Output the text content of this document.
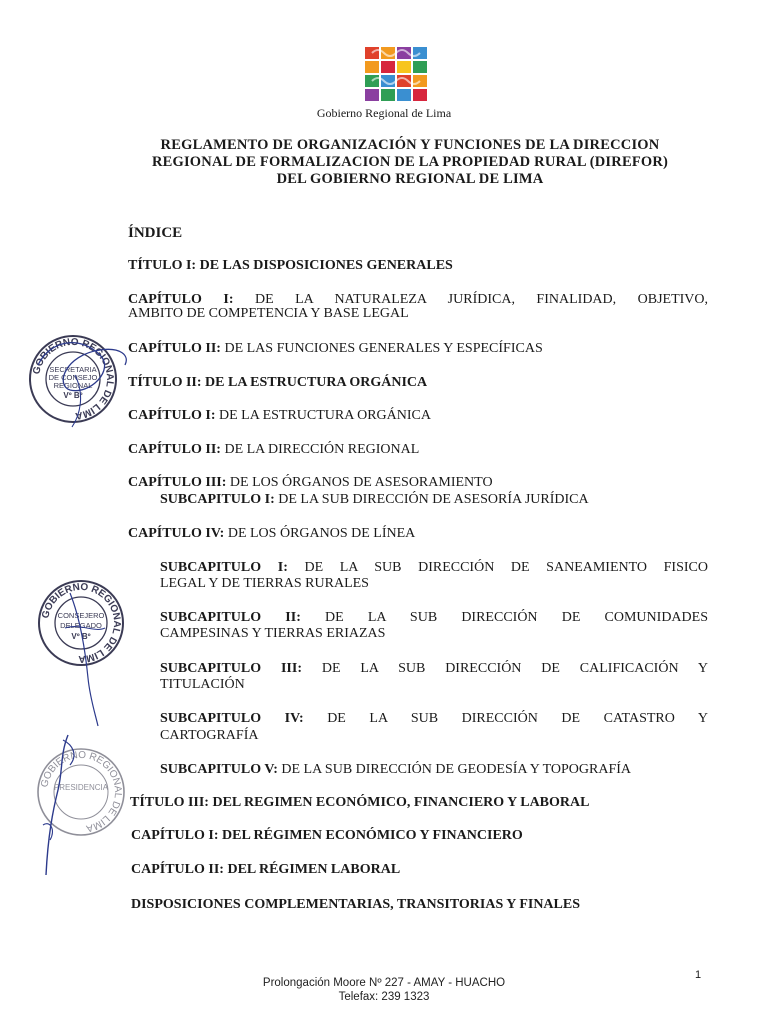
Gobierno Regional de Lima
REGLAMENTO DE ORGANIZACIÓN Y FUNCIONES DE LA DIRECCION
REGIONAL DE FORMALIZACION DE LA PROPIEDAD RURAL (DIREFOR)
DEL GOBIERNO REGIONAL DE LIMA
ÍNDICE
TÍTULO I: DE LAS DISPOSICIONES GENERALES
CAPÍTULO I: DE LA NATURALEZA JURÍDICA, FINALIDAD, OBJETIVO,
AMBITO DE COMPETENCIA Y BASE LEGAL
CAPÍTULO II: DE LAS FUNCIONES GENERALES Y ESPECÍFICAS
TÍTULO II: DE LA ESTRUCTURA ORGÁNICA
CAPÍTULO I: DE LA ESTRUCTURA ORGÁNICA
CAPÍTULO II: DE LA DIRECCIÓN REGIONAL
CAPÍTULO III: DE LOS ÓRGANOS DE ASESORAMIENTO
SUBCAPITULO I: DE LA SUB DIRECCIÓN DE ASESORÍA JURÍDICA
CAPÍTULO IV: DE LOS ÓRGANOS DE LÍNEA
SUBCAPITULO I: DE LA SUB DIRECCIÓN DE SANEAMIENTO FISICO
LEGAL Y DE TIERRAS RURALES
SUBCAPITULO II: DE LA SUB DIRECCIÓN DE COMUNIDADES
CAMPESINAS Y TIERRAS ERIAZAS
SUBCAPITULO III: DE LA SUB DIRECCIÓN DE CALIFICACIÓN Y
TITULACIÓN
SUBCAPITULO IV: DE LA SUB DIRECCIÓN DE CATASTRO Y
CARTOGRAFÍA
SUBCAPITULO V: DE LA SUB DIRECCIÓN DE GEODESÍA Y TOPOGRAFÍA
TÍTULO III: DEL REGIMEN ECONÓMICO, FINANCIERO Y LABORAL
CAPÍTULO I: DEL RÉGIMEN ECONÓMICO Y FINANCIERO
CAPÍTULO II: DEL RÉGIMEN LABORAL
DISPOSICIONES COMPLEMENTARIAS, TRANSITORIAS Y FINALES
GOBIERNO REGIONAL DE LIMA
SECRETARIA
DE CONSEJO
REGIONAL
Vº Bº
GOBIERNO REGIONAL DE LIMA
CONSEJERO
DELEGADO
Vº Bº
GOBIERNO REGIONAL DE LIMA
PRESIDENCIA
Prolongación Moore Nº 227 - AMAY - HUACHO
Telefax: 239 1323
1
